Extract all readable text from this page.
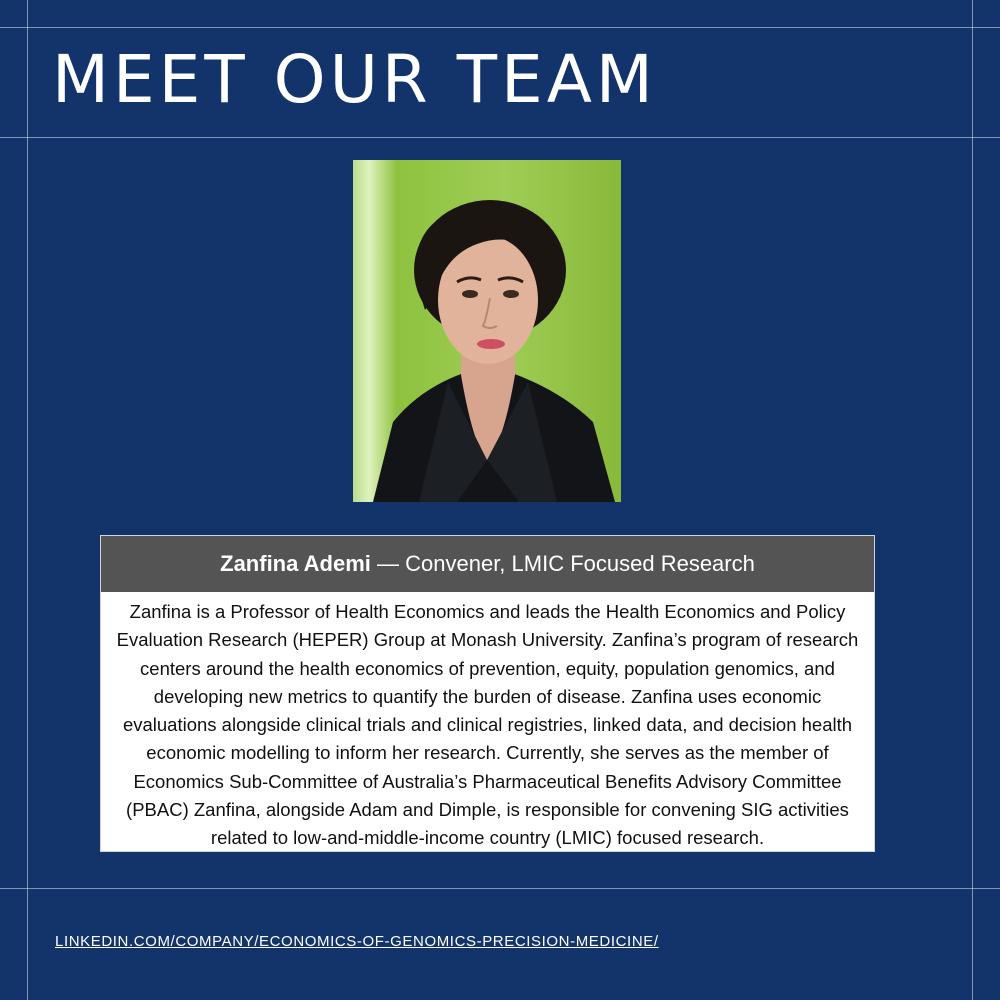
MEET OUR TEAM
Zanfina Ademi — Convener, LMIC Focused Research
Zanfina is a Professor of Health Economics and leads the Health Economics and Policy Evaluation Research (HEPER) Group at Monash University. Zanfina’s program of research centers around the health economics of prevention, equity, population genomics, and developing new metrics to quantify the burden of disease. Zanfina uses economic evaluations alongside clinical trials and clinical registries, linked data, and decision health economic modelling to inform her research. Currently, she serves as the member of Economics Sub-Committee of Australia’s Pharmaceutical Benefits Advisory Committee (PBAC) Zanfina, alongside Adam and Dimple, is responsible for convening SIG activities related to low-and-middle-income country (LMIC) focused research.
LINKEDIN.COM/COMPANY/ECONOMICS-OF-GENOMICS-PRECISION-MEDICINE/
